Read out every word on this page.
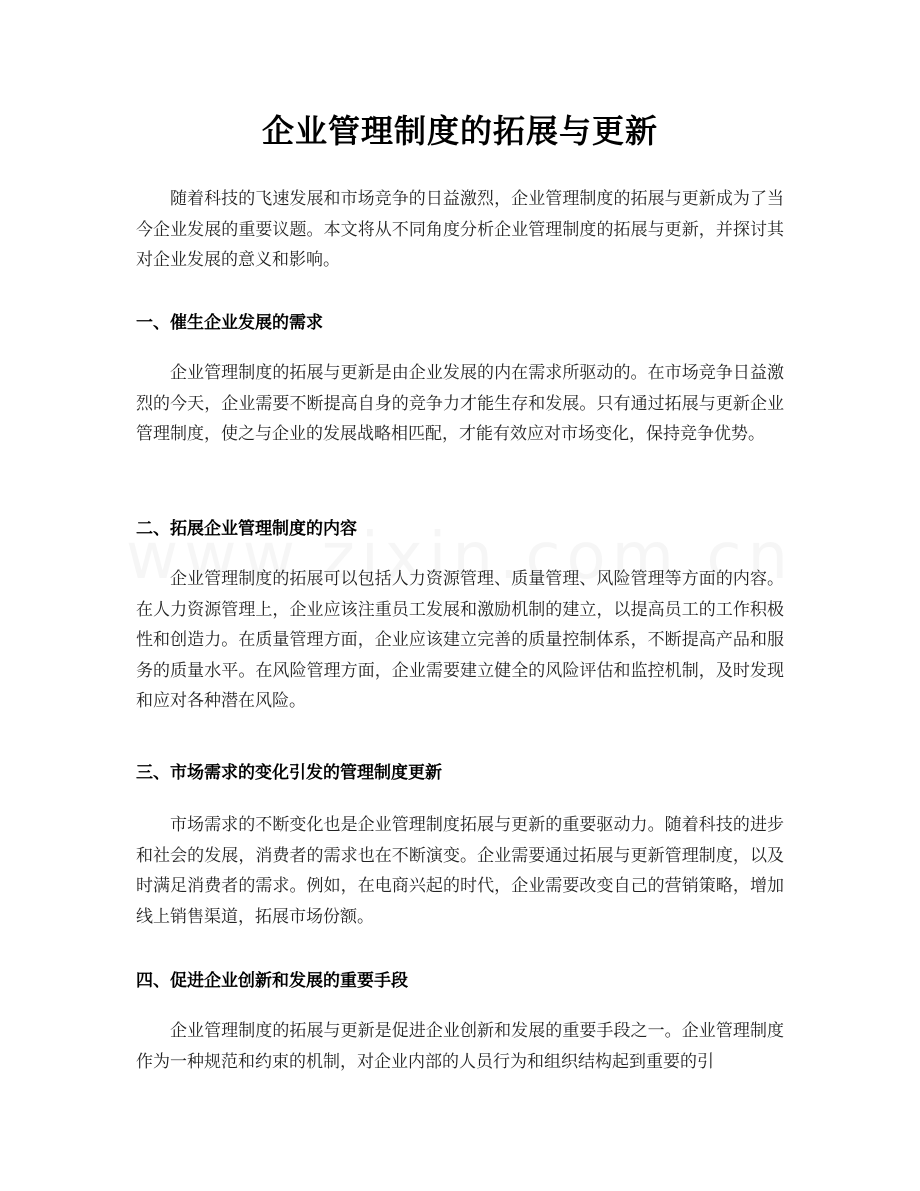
企业管理制度的拓展与更新

随着科技的飞速发展和市场竞争的日益激烈，企业管理制度的拓展与更新成为了当今企业发展的重要议题。本文将从不同角度分析企业管理制度的拓展与更新，并探讨其对企业发展的意义和影响。

一、催生企业发展的需求

企业管理制度的拓展与更新是由企业发展的内在需求所驱动的。在市场竞争日益激烈的今天，企业需要不断提高自身的竞争力才能生存和发展。只有通过拓展与更新企业管理制度，使之与企业的发展战略相匹配，才能有效应对市场变化，保持竞争优势。

二、拓展企业管理制度的内容

企业管理制度的拓展可以包括人力资源管理、质量管理、风险管理等方面的内容。在人力资源管理上，企业应该注重员工发展和激励机制的建立，以提高员工的工作积极性和创造力。在质量管理方面，企业应该建立完善的质量控制体系，不断提高产品和服务的质量水平。在风险管理方面，企业需要建立健全的风险评估和监控机制，及时发现和应对各种潜在风险。

三、市场需求的变化引发的管理制度更新

市场需求的不断变化也是企业管理制度拓展与更新的重要驱动力。随着科技的进步和社会的发展，消费者的需求也在不断演变。企业需要通过拓展与更新管理制度，以及时满足消费者的需求。例如，在电商兴起的时代，企业需要改变自己的营销策略，增加线上销售渠道，拓展市场份额。

四、促进企业创新和发展的重要手段

企业管理制度的拓展与更新是促进企业创新和发展的重要手段之一。企业管理制度作为一种规范和约束的机制，对企业内部的人员行为和组织结构起到重要的引
